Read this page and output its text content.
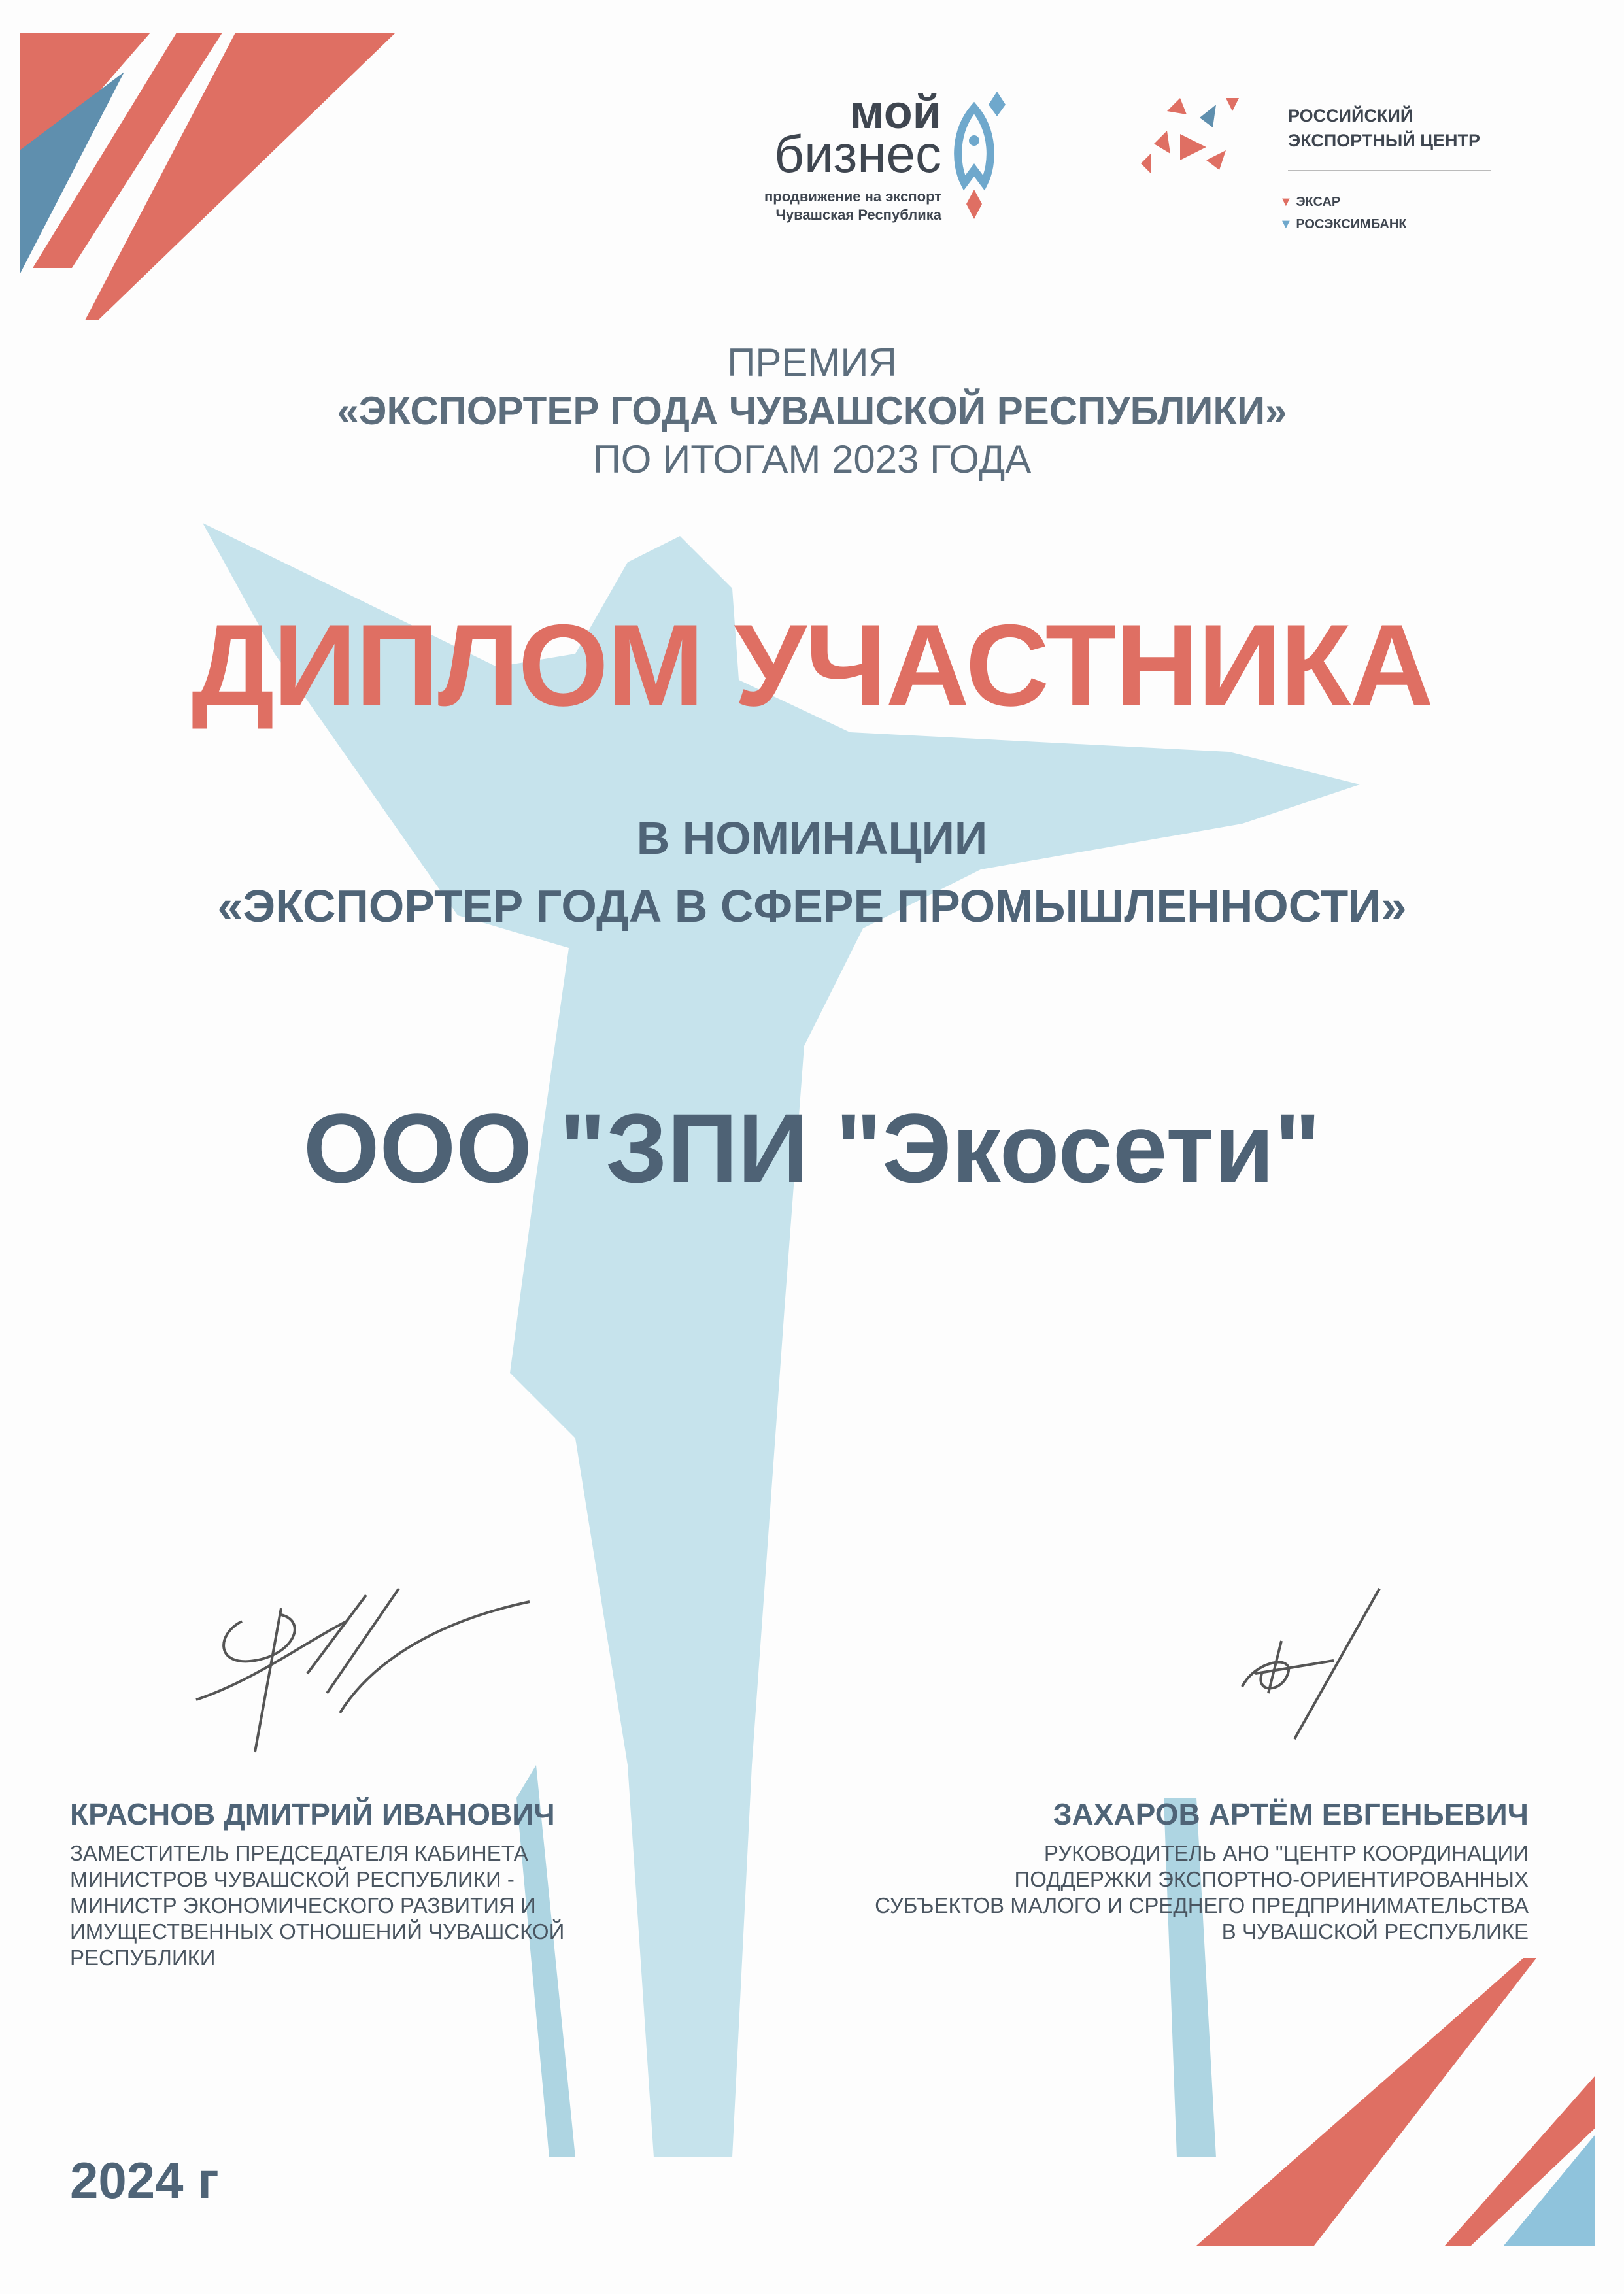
мой
бизнес
продвижение на экспорт
Чувашская Республика
РОССИЙСКИЙ
ЭКСПОРТНЫЙ ЦЕНТР
▼ ЭКСАР
▼ РОСЭКСИМБАНК
ПРЕМИЯ
«ЭКСПОРТЕР ГОДА ЧУВАШСКОЙ РЕСПУБЛИКИ»
ПО ИТОГАМ 2023 ГОДА
ДИПЛОМ УЧАСТНИКА
В НОМИНАЦИИ
«ЭКСПОРТЕР ГОДА В СФЕРЕ ПРОМЫШЛЕННОСТИ»
ООО "ЗПИ "Экосети"
КРАСНОВ ДМИТРИЙ ИВАНОВИЧ
ЗАМЕСТИТЕЛЬ ПРЕДСЕДАТЕЛЯ КАБИНЕТА
МИНИСТРОВ ЧУВАШСКОЙ РЕСПУБЛИКИ -
МИНИСТР ЭКОНОМИЧЕСКОГО РАЗВИТИЯ И
ИМУЩЕСТВЕННЫХ ОТНОШЕНИЙ ЧУВАШСКОЙ
РЕСПУБЛИКИ
ЗАХАРОВ АРТЁМ ЕВГЕНЬЕВИЧ
РУКОВОДИТЕЛЬ АНО "ЦЕНТР КООРДИНАЦИИ
ПОДДЕРЖКИ ЭКСПОРТНО-ОРИЕНТИРОВАННЫХ
СУБЪЕКТОВ МАЛОГО И СРЕДНЕГО ПРЕДПРИНИМАТЕЛЬСТВА
В ЧУВАШСКОЙ РЕСПУБЛИКЕ
2024 г
